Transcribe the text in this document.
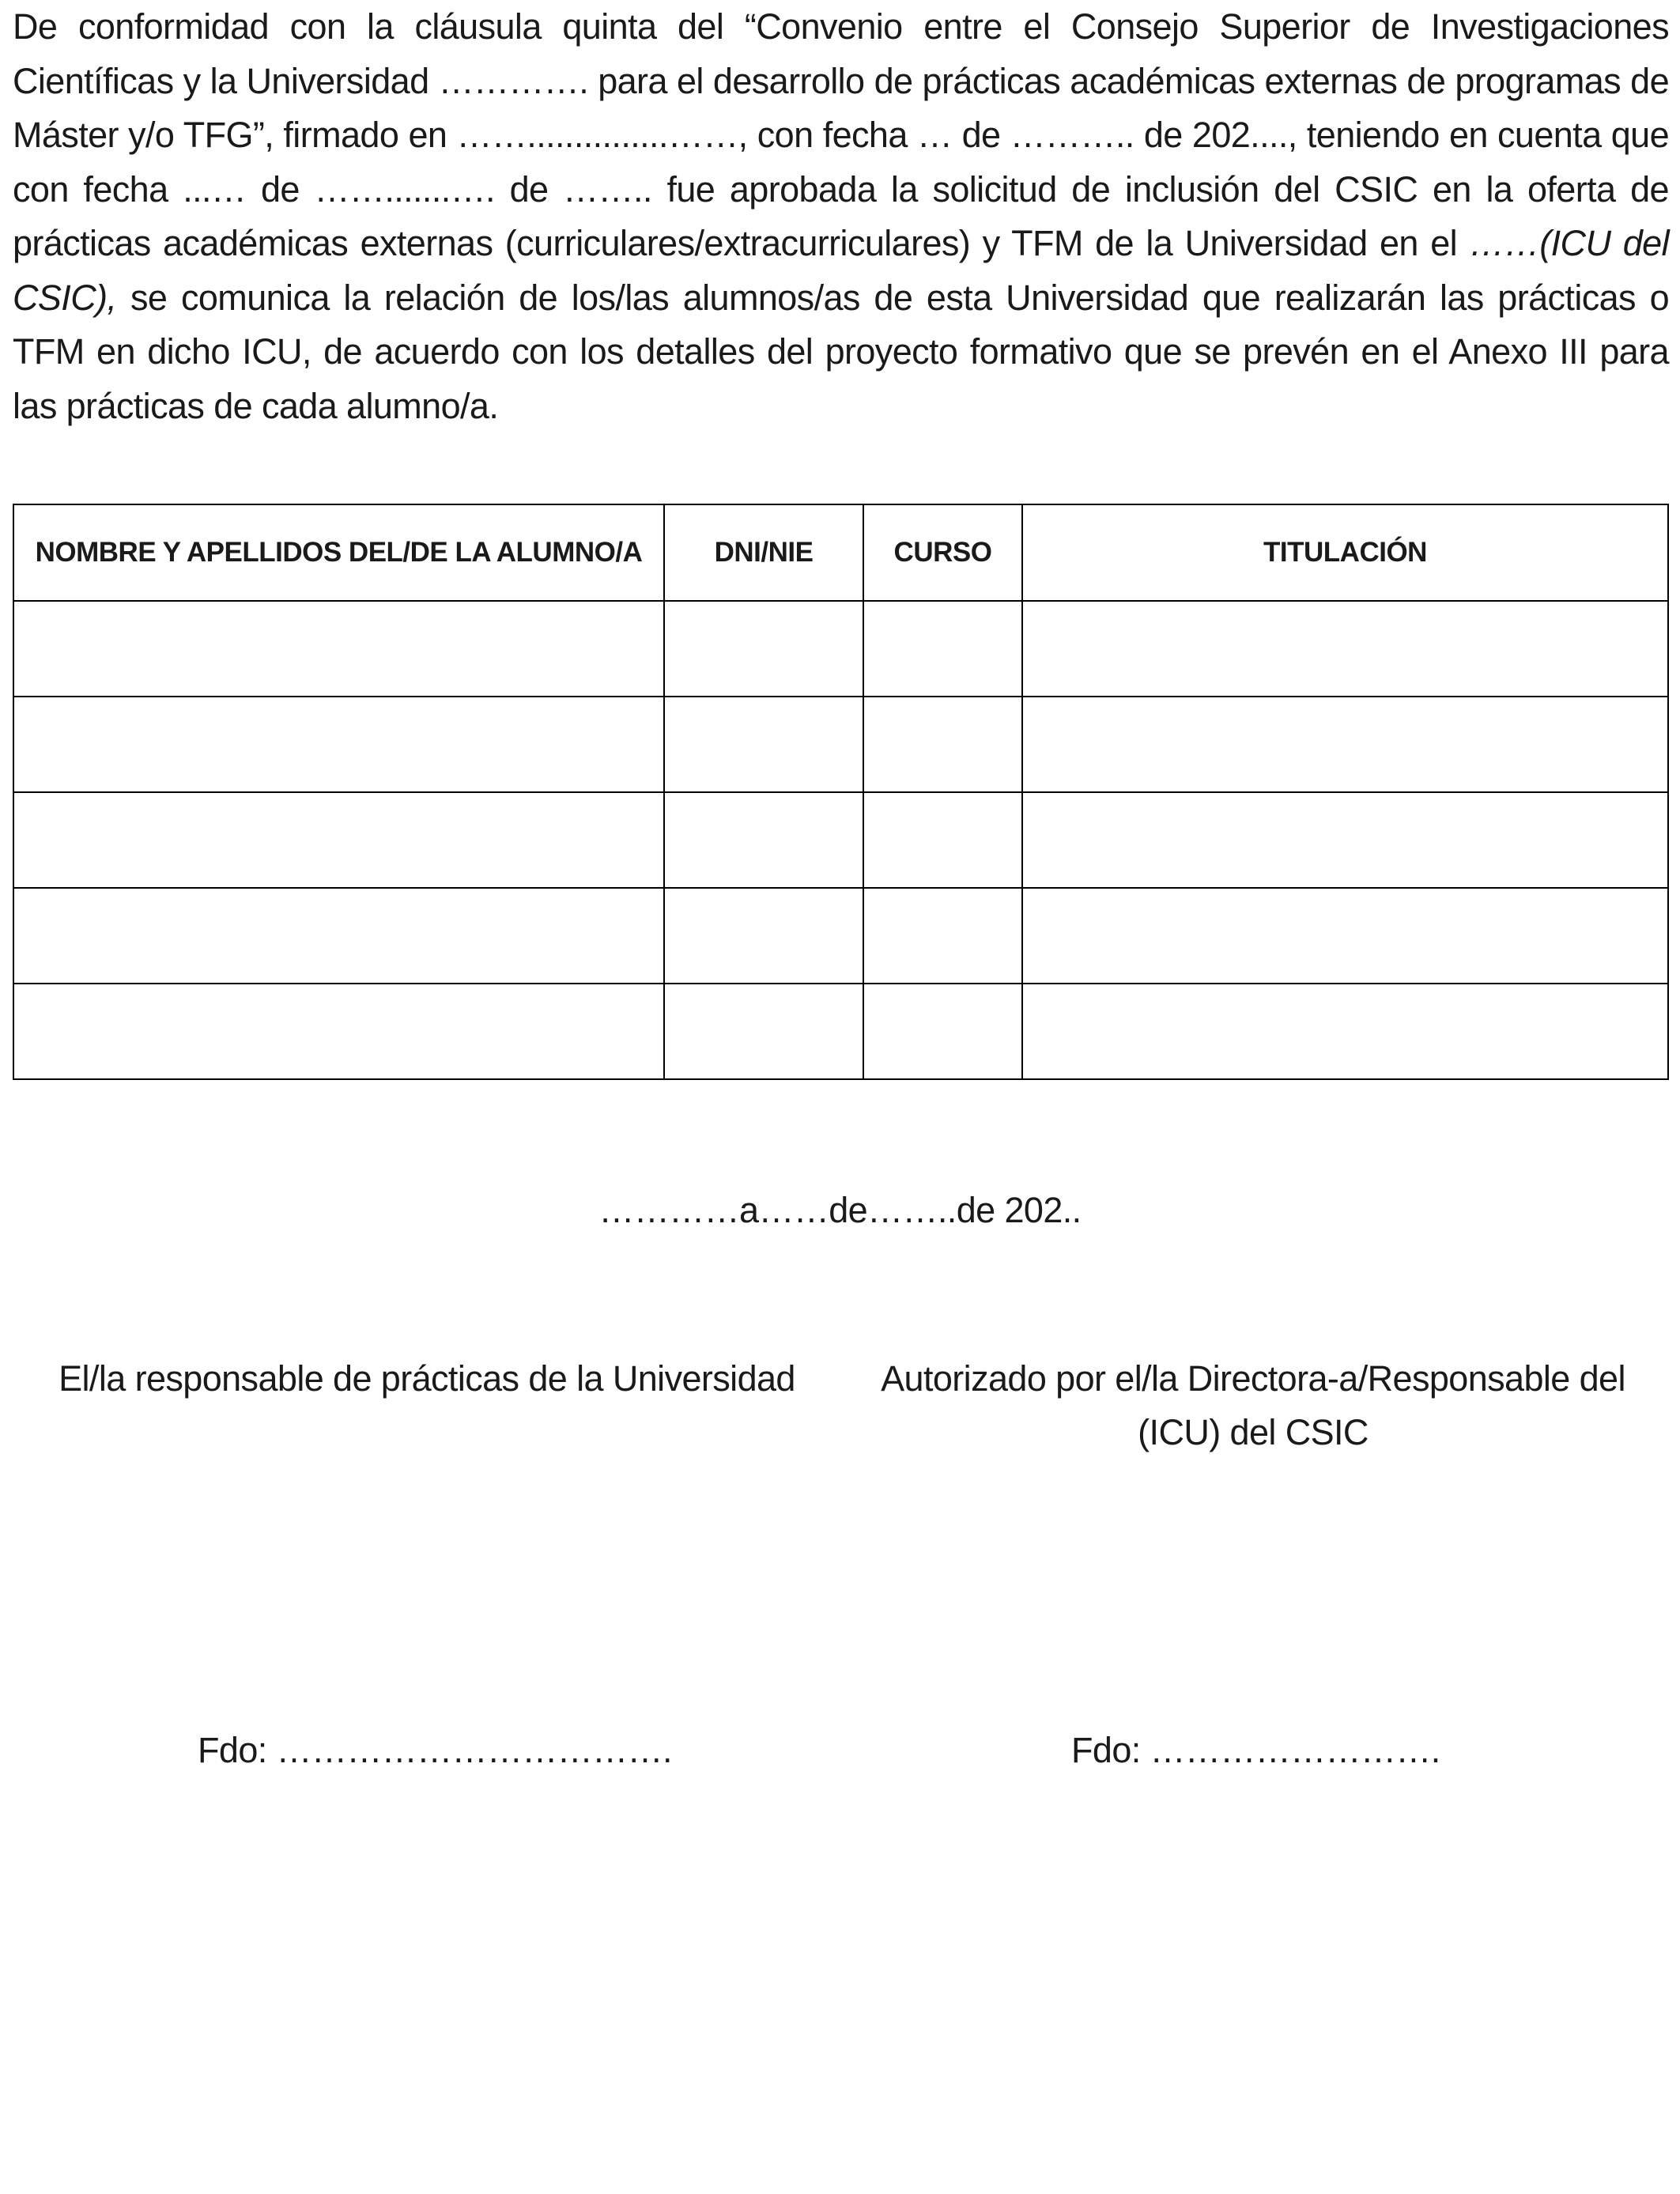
De conformidad con la cláusula quinta del “Convenio entre el Consejo Superior de Investigaciones Científicas y la Universidad …………. para el desarrollo de prácticas académicas externas de programas de Máster y/o TFG”, firmado en ……...............……, con fecha … de ……….. de 202...., teniendo en cuenta que con fecha ...… de …….......…. de …….. fue aprobada la solicitud de inclusión del CSIC en la oferta de prácticas académicas externas (curriculares/extracurriculares) y TFM de la Universidad en el ……(ICU del CSIC), se comunica la relación de los/las alumnos/as de esta Universidad que realizarán las prácticas o TFM en dicho ICU, de acuerdo con los detalles del proyecto formativo que se prevén en el Anexo III para las prácticas de cada alumno/a.

NOMBRE Y APELLIDOS DEL/DE LA ALUMNO/A	DNI/NIE	CURSO	TITULACIÓN

…………a……de……..de 202..
El/la responsable de prácticas de la Universidad	Autorizado por el/la Directora-a/Responsable del (ICU) del CSIC
Fdo: …………………………….	Fdo: …………………….
